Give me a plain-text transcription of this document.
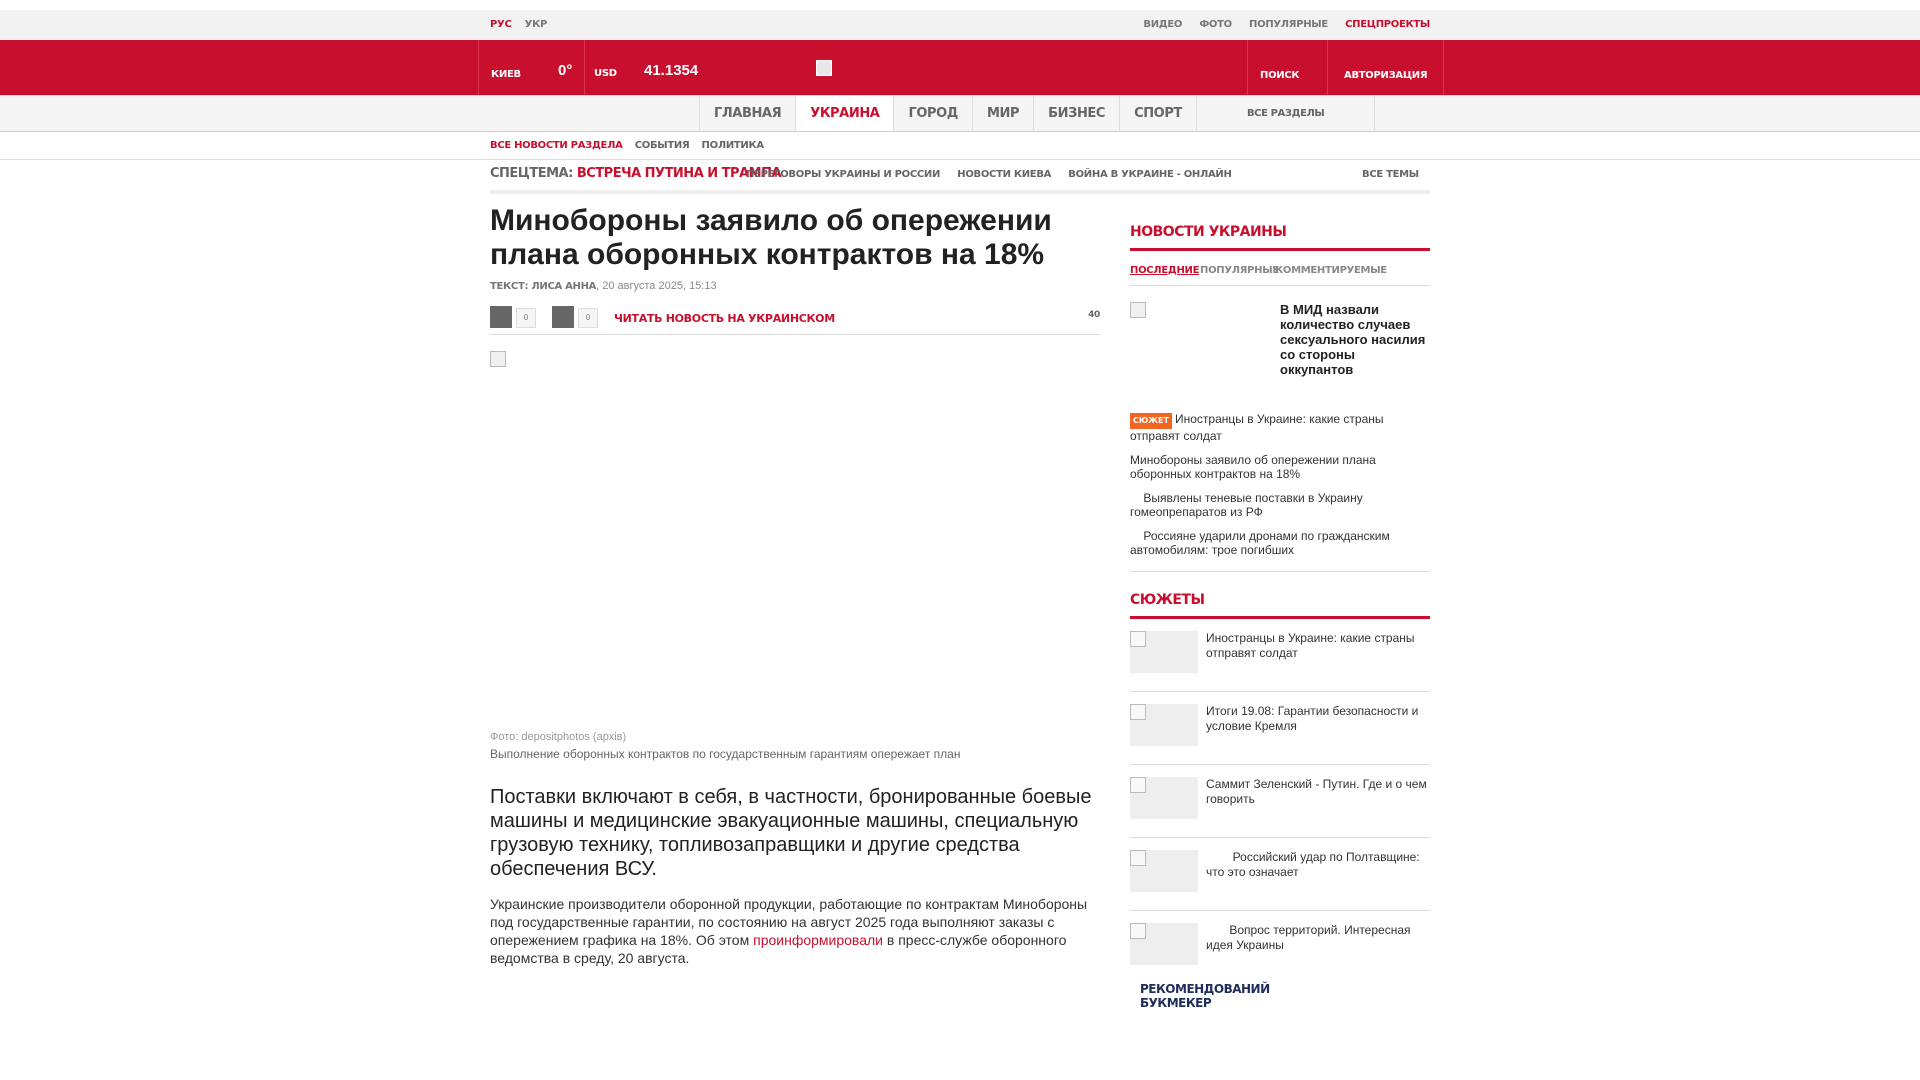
РУС УКР	ВИДЕО ФОТО ПОПУЛЯРНЫЕ СПЕЦПРОЕКТЫ
КИЕВ 0° USD 41.1354	ПОИСК	АВТОРИЗАЦИЯ
ГЛАВНАЯ	УКРАИНА	ГОРОД	МИР	БИЗНЕС	СПОРТ	ВСЕ РАЗДЕЛЫ
ВСЕ НОВОСТИ РАЗДЕЛА СОБЫТИЯ ПОЛИТИКА
СПЕЦТЕМА: ВСТРЕЧА ПУТИНА И ТРАМПА
ПЕРЕГОВОРЫ УКРАИНЫ И РОССИИ НОВОСТИ КИЕВА ВОЙНА В УКРАИНЕ - ОНЛАЙН	ВСЕ ТЕМЫ
Минобороны заявило об опережении плана оборонных контрактов на 18%
ТЕКСТ: ЛИСА АННА, 20 августа 2025, 15:13
0	0	ЧИТАТЬ НОВОСТЬ НА УКРАИНСКОМ	40
Фото: depositphotos (архів)
Выполнение оборонных контрактов по государственным гарантиям опережает план
Поставки включают в себя, в частности, бронированные боевые машины и медицинские эвакуационные машины, специальную грузовую технику, топливозаправщики и другие средства обеспечения ВСУ.
Украинские производители оборонной продукции, работающие по контрактам Минобороны под государственные гарантии, по состоянию на август 2025 года выполняют заказы с опережением графика на 18%. Об этом проинформировали в пресс-службе оборонного ведомства в среду, 20 августа.
НОВОСТИ УКРАИНЫ
ПОСЛЕДНИЕ ПОПУЛЯРНЫЕ
КОММЕНТИРУЕМЫЕ
В МИД назвали количество случаев сексуального насилия со стороны оккупантов
СЮЖЕТ Иностранцы в Украине: какие страны отправят солдат
Минобороны заявило об опережении плана оборонных контрактов на 18%
Выявлены теневые поставки в Украину гомеопрепаратов из РФ
Россияне ударили дронами по гражданским автомобилям: трое погибших
СЮЖЕТЫ
Иностранцы в Украине: какие страны отправят солдат
Итоги 19.08: Гарантии безопасности и условие Кремля
Саммит Зеленский - Путин. Где и о чем говорить
Российский удар по Полтавщине: что это означает
Вопрос территорий. Интересная идея Украины
РЕКОМЕНДОВАНИЙ БУКМЕКЕР
